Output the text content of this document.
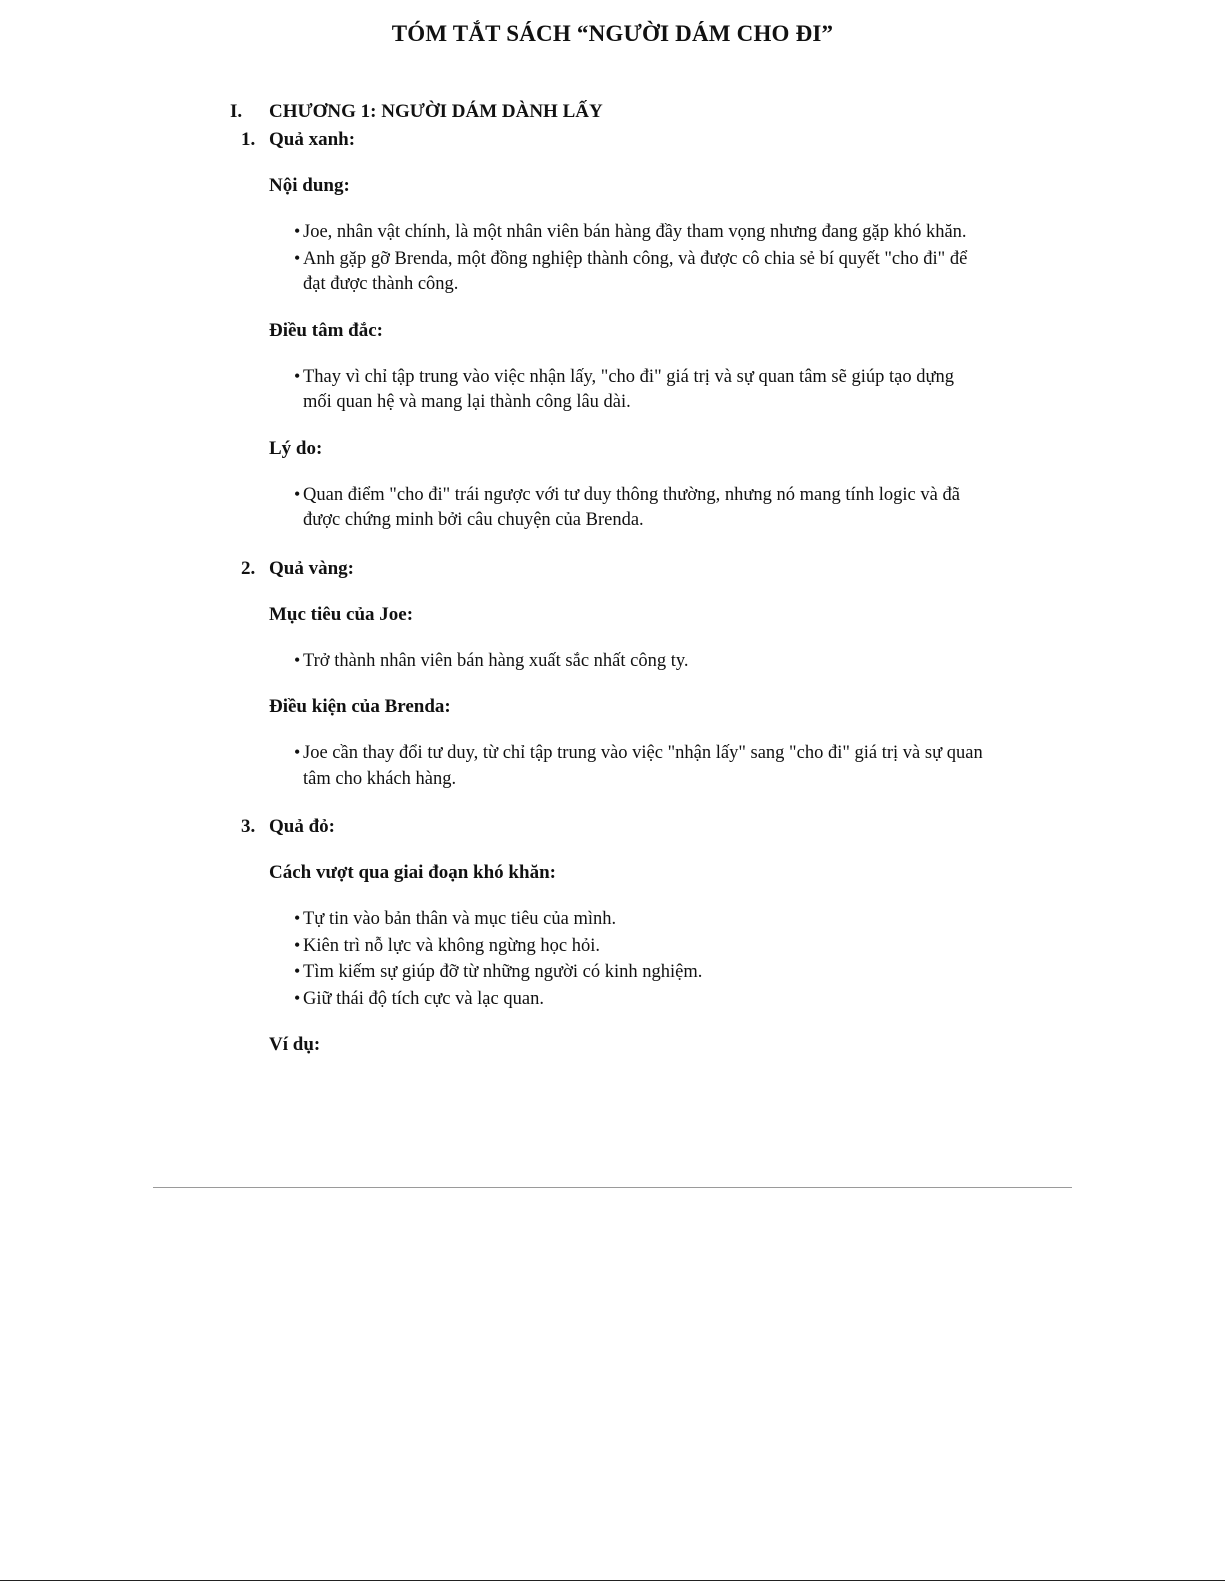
TÓM TẮT SÁCH “NGƯỜI DÁM CHO ĐI”
I. CHƯƠNG 1: NGƯỜI DÁM DÀNH LẤY
1. Quả xanh:
Nội dung:
• Joe, nhân vật chính, là một nhân viên bán hàng đầy tham vọng nhưng đang gặp khó khăn.
• Anh gặp gỡ Brenda, một đồng nghiệp thành công, và được cô chia sẻ bí quyết "cho đi" để đạt được thành công.
Điều tâm đắc:
• Thay vì chỉ tập trung vào việc nhận lấy, "cho đi" giá trị và sự quan tâm sẽ giúp tạo dựng mối quan hệ và mang lại thành công lâu dài.
Lý do:
• Quan điểm "cho đi" trái ngược với tư duy thông thường, nhưng nó mang tính logic và đã được chứng minh bởi câu chuyện của Brenda.
2. Quả vàng:
Mục tiêu của Joe:
• Trở thành nhân viên bán hàng xuất sắc nhất công ty.
Điều kiện của Brenda:
• Joe cần thay đổi tư duy, từ chỉ tập trung vào việc "nhận lấy" sang "cho đi" giá trị và sự quan tâm cho khách hàng.
3. Quả đỏ:
Cách vượt qua giai đoạn khó khăn:
• Tự tin vào bản thân và mục tiêu của mình.
• Kiên trì nỗ lực và không ngừng học hỏi.
• Tìm kiếm sự giúp đỡ từ những người có kinh nghiệm.
• Giữ thái độ tích cực và lạc quan.
Ví dụ:
